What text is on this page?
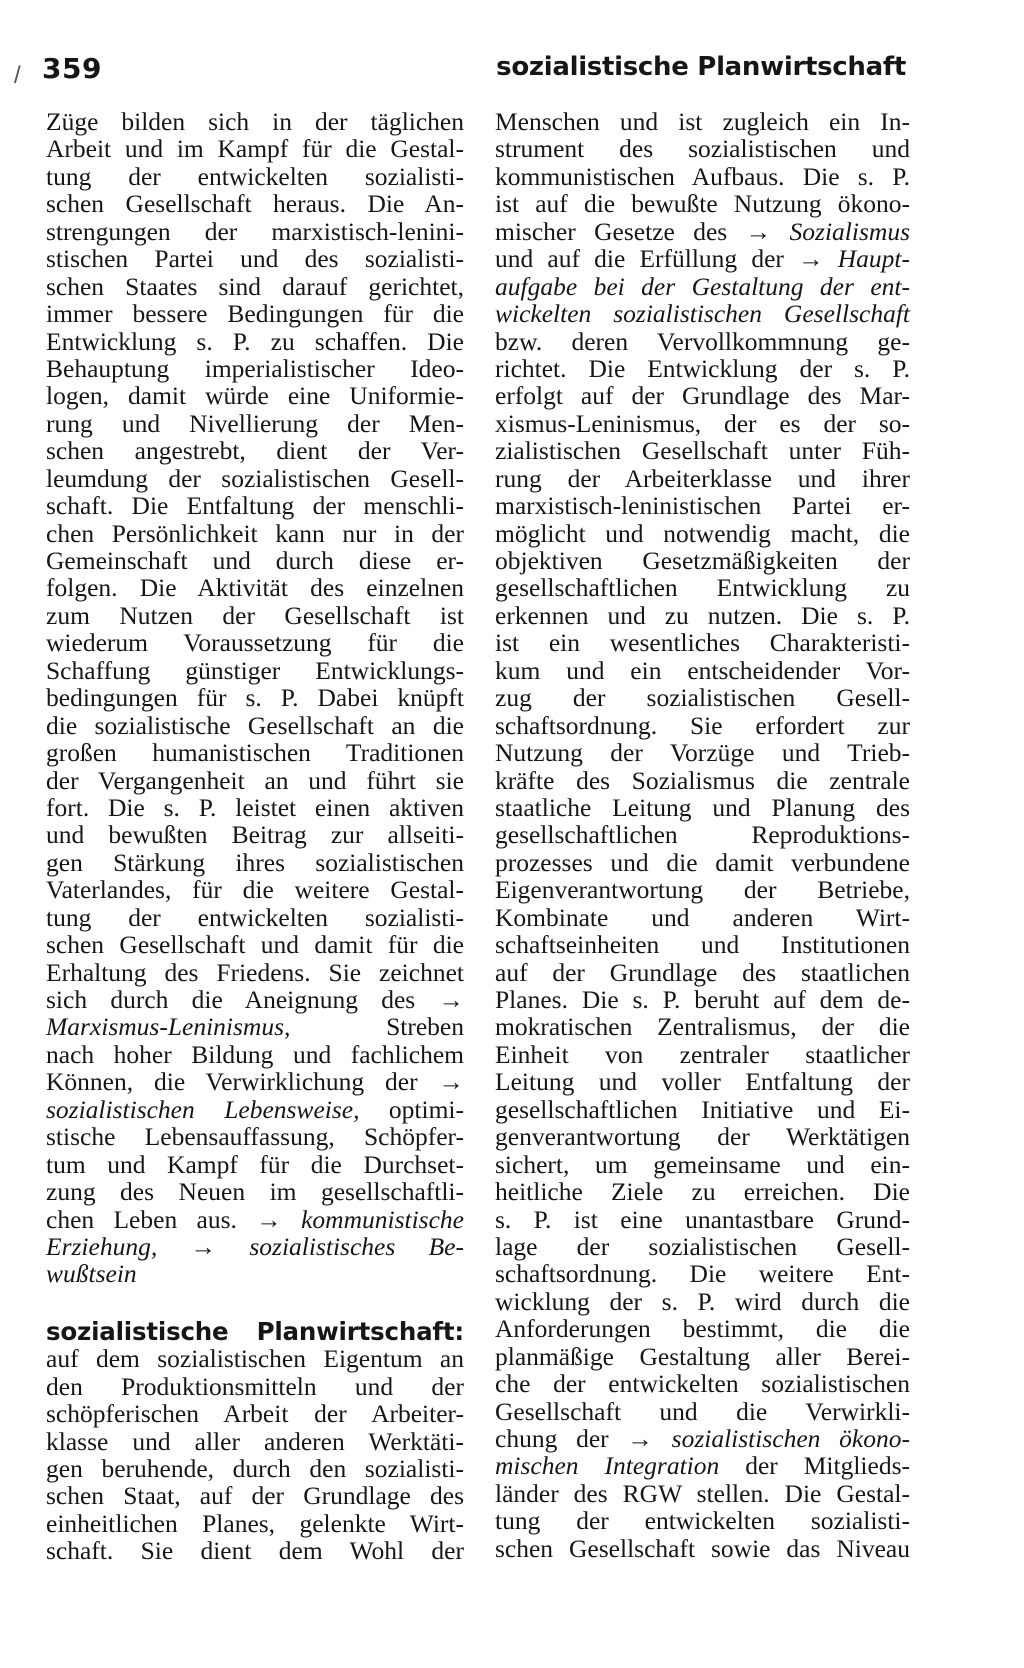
/ 359	sozialistische Planwirtschaft
Züge bilden sich in der täglichen
Arbeit und im Kampf für die Gestal-
tung der entwickelten sozialisti-
schen Gesellschaft heraus. Die An-
strengungen der marxistisch-lenini-
stischen Partei und des sozialisti-
schen Staates sind darauf gerichtet,
immer bessere Bedingungen für die
Entwicklung s. P. zu schaffen. Die
Behauptung imperialistischer Ideo-
logen, damit würde eine Uniformie-
rung und Nivellierung der Men-
schen angestrebt, dient der Ver-
leumdung der sozialistischen Gesell-
schaft. Die Entfaltung der menschli-
chen Persönlichkeit kann nur in der
Gemeinschaft und durch diese er-
folgen. Die Aktivität des einzelnen
zum Nutzen der Gesellschaft ist
wiederum Voraussetzung für die
Schaffung günstiger Entwicklungs-
bedingungen für s. P. Dabei knüpft
die sozialistische Gesellschaft an die
großen humanistischen Traditionen
der Vergangenheit an und führt sie
fort. Die s. P. leistet einen aktiven
und bewußten Beitrag zur allseiti-
gen Stärkung ihres sozialistischen
Vaterlandes, für die weitere Gestal-
tung der entwickelten sozialisti-
schen Gesellschaft und damit für die
Erhaltung des Friedens. Sie zeichnet
sich durch die Aneignung des →
Marxismus-Leninismus, Streben
nach hoher Bildung und fachlichem
Können, die Verwirklichung der →
sozialistischen Lebensweise, optimi-
stische Lebensauffassung, Schöpfer-
tum und Kampf für die Durchset-
zung des Neuen im gesellschaftli-
chen Leben aus. → kommunistische
Erziehung, → sozialistisches Be-
wußtsein
sozialistische Planwirtschaft:
auf dem sozialistischen Eigentum an
den Produktionsmitteln und der
schöpferischen Arbeit der Arbeiter-
klasse und aller anderen Werktäti-
gen beruhende, durch den sozialisti-
schen Staat, auf der Grundlage des
einheitlichen Planes, gelenkte Wirt-
schaft. Sie dient dem Wohl der
Menschen und ist zugleich ein In-
strument des sozialistischen und
kommunistischen Aufbaus. Die s. P.
ist auf die bewußte Nutzung ökono-
mischer Gesetze des → Sozialismus
und auf die Erfüllung der → Haupt-
aufgabe bei der Gestaltung der ent-
wickelten sozialistischen Gesellschaft
bzw. deren Vervollkommnung ge-
richtet. Die Entwicklung der s. P.
erfolgt auf der Grundlage des Mar-
xismus-Leninismus, der es der so-
zialistischen Gesellschaft unter Füh-
rung der Arbeiterklasse und ihrer
marxistisch-leninistischen Partei er-
möglicht und notwendig macht, die
objektiven Gesetzmäßigkeiten der
gesellschaftlichen Entwicklung zu
erkennen und zu nutzen. Die s. P.
ist ein wesentliches Charakteristi-
kum und ein entscheidender Vor-
zug der sozialistischen Gesell-
schaftsordnung. Sie erfordert zur
Nutzung der Vorzüge und Trieb-
kräfte des Sozialismus die zentrale
staatliche Leitung und Planung des
gesellschaftlichen Reproduktions-
prozesses und die damit verbundene
Eigenverantwortung der Betriebe,
Kombinate und anderen Wirt-
schaftseinheiten und Institutionen
auf der Grundlage des staatlichen
Planes. Die s. P. beruht auf dem de-
mokratischen Zentralismus, der die
Einheit von zentraler staatlicher
Leitung und voller Entfaltung der
gesellschaftlichen Initiative und Ei-
genverantwortung der Werktätigen
sichert, um gemeinsame und ein-
heitliche Ziele zu erreichen. Die
s. P. ist eine unantastbare Grund-
lage der sozialistischen Gesell-
schaftsordnung. Die weitere Ent-
wicklung der s. P. wird durch die
Anforderungen bestimmt, die die
planmäßige Gestaltung aller Berei-
che der entwickelten sozialistischen
Gesellschaft und die Verwirkli-
chung der → sozialistischen ökono-
mischen Integration der Mitglieds-
länder des RGW stellen. Die Gestal-
tung der entwickelten sozialisti-
schen Gesellschaft sowie das Niveau
